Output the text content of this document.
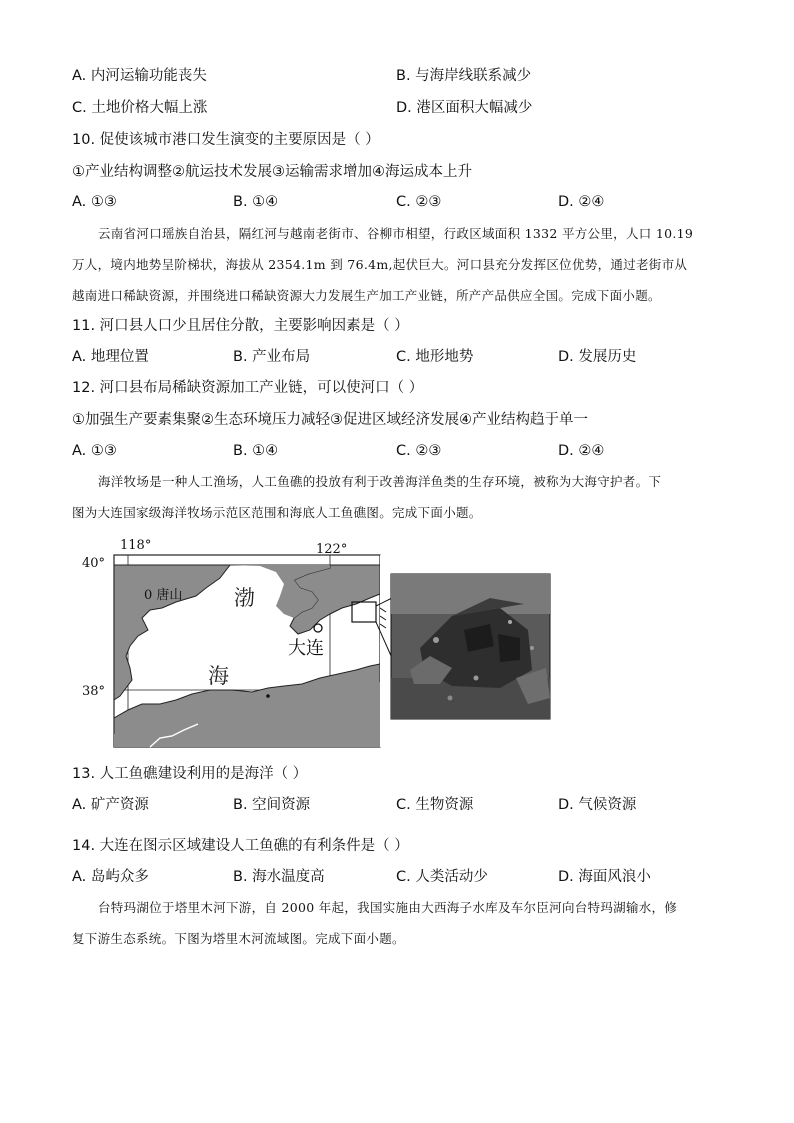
A. 内河运输功能丧失	B. 与海岸线联系减少
C. 土地价格大幅上涨	D. 港区面积大幅减少
10. 促使该城市港口发生演变的主要原因是（ ）
①产业结构调整②航运技术发展③运输需求增加④海运成本上升
A. ①③	B. ①④	C. ②③	D. ②④

云南省河口瑶族自治县，隔红河与越南老街市、谷柳市相望，行政区域面积 1332 平方公里，人口 10.19

万人，境内地势呈阶梯状，海拔从 2354.1m 到 76.4m,起伏巨大。河口县充分发挥区位优势，通过老街市从

越南进口稀缺资源，并围绕进口稀缺资源大力发展生产加工产业链，所产产品供应全国。完成下面小题。

11. 河口县人口少且居住分散，主要影响因素是（ ）
A. 地理位置	B. 产业布局	C. 地形地势	D. 发展历史
12. 河口县布局稀缺资源加工产业链，可以使河口（ ）
①加强生产要素集聚②生态环境压力减轻③促进区域经济发展④产业结构趋于单一
A. ①③	B. ①④	C. ②③	D. ②④

海洋牧场是一种人工渔场，人工鱼礁的投放有利于改善海洋鱼类的生存环境，被称为大海守护者。下

图为大连国家级海洋牧场示范区范围和海底人工鱼礁图。完成下面小题。

118°	122°
40°
38°
0 唐山 渤
海
大连
13. 人工鱼礁建设利用的是海洋（ ）
A. 矿产资源	B. 空间资源	C. 生物资源	D. 气候资源
14. 大连在图示区域建设人工鱼礁的有利条件是（ ）
A. 岛屿众多	B. 海水温度高	C. 人类活动少	D. 海面风浪小

台特玛湖位于塔里木河下游，自 2000 年起，我国实施由大西海子水库及车尔臣河向台特玛湖输水，修

复下游生态系统。下图为塔里木河流域图。完成下面小题。
